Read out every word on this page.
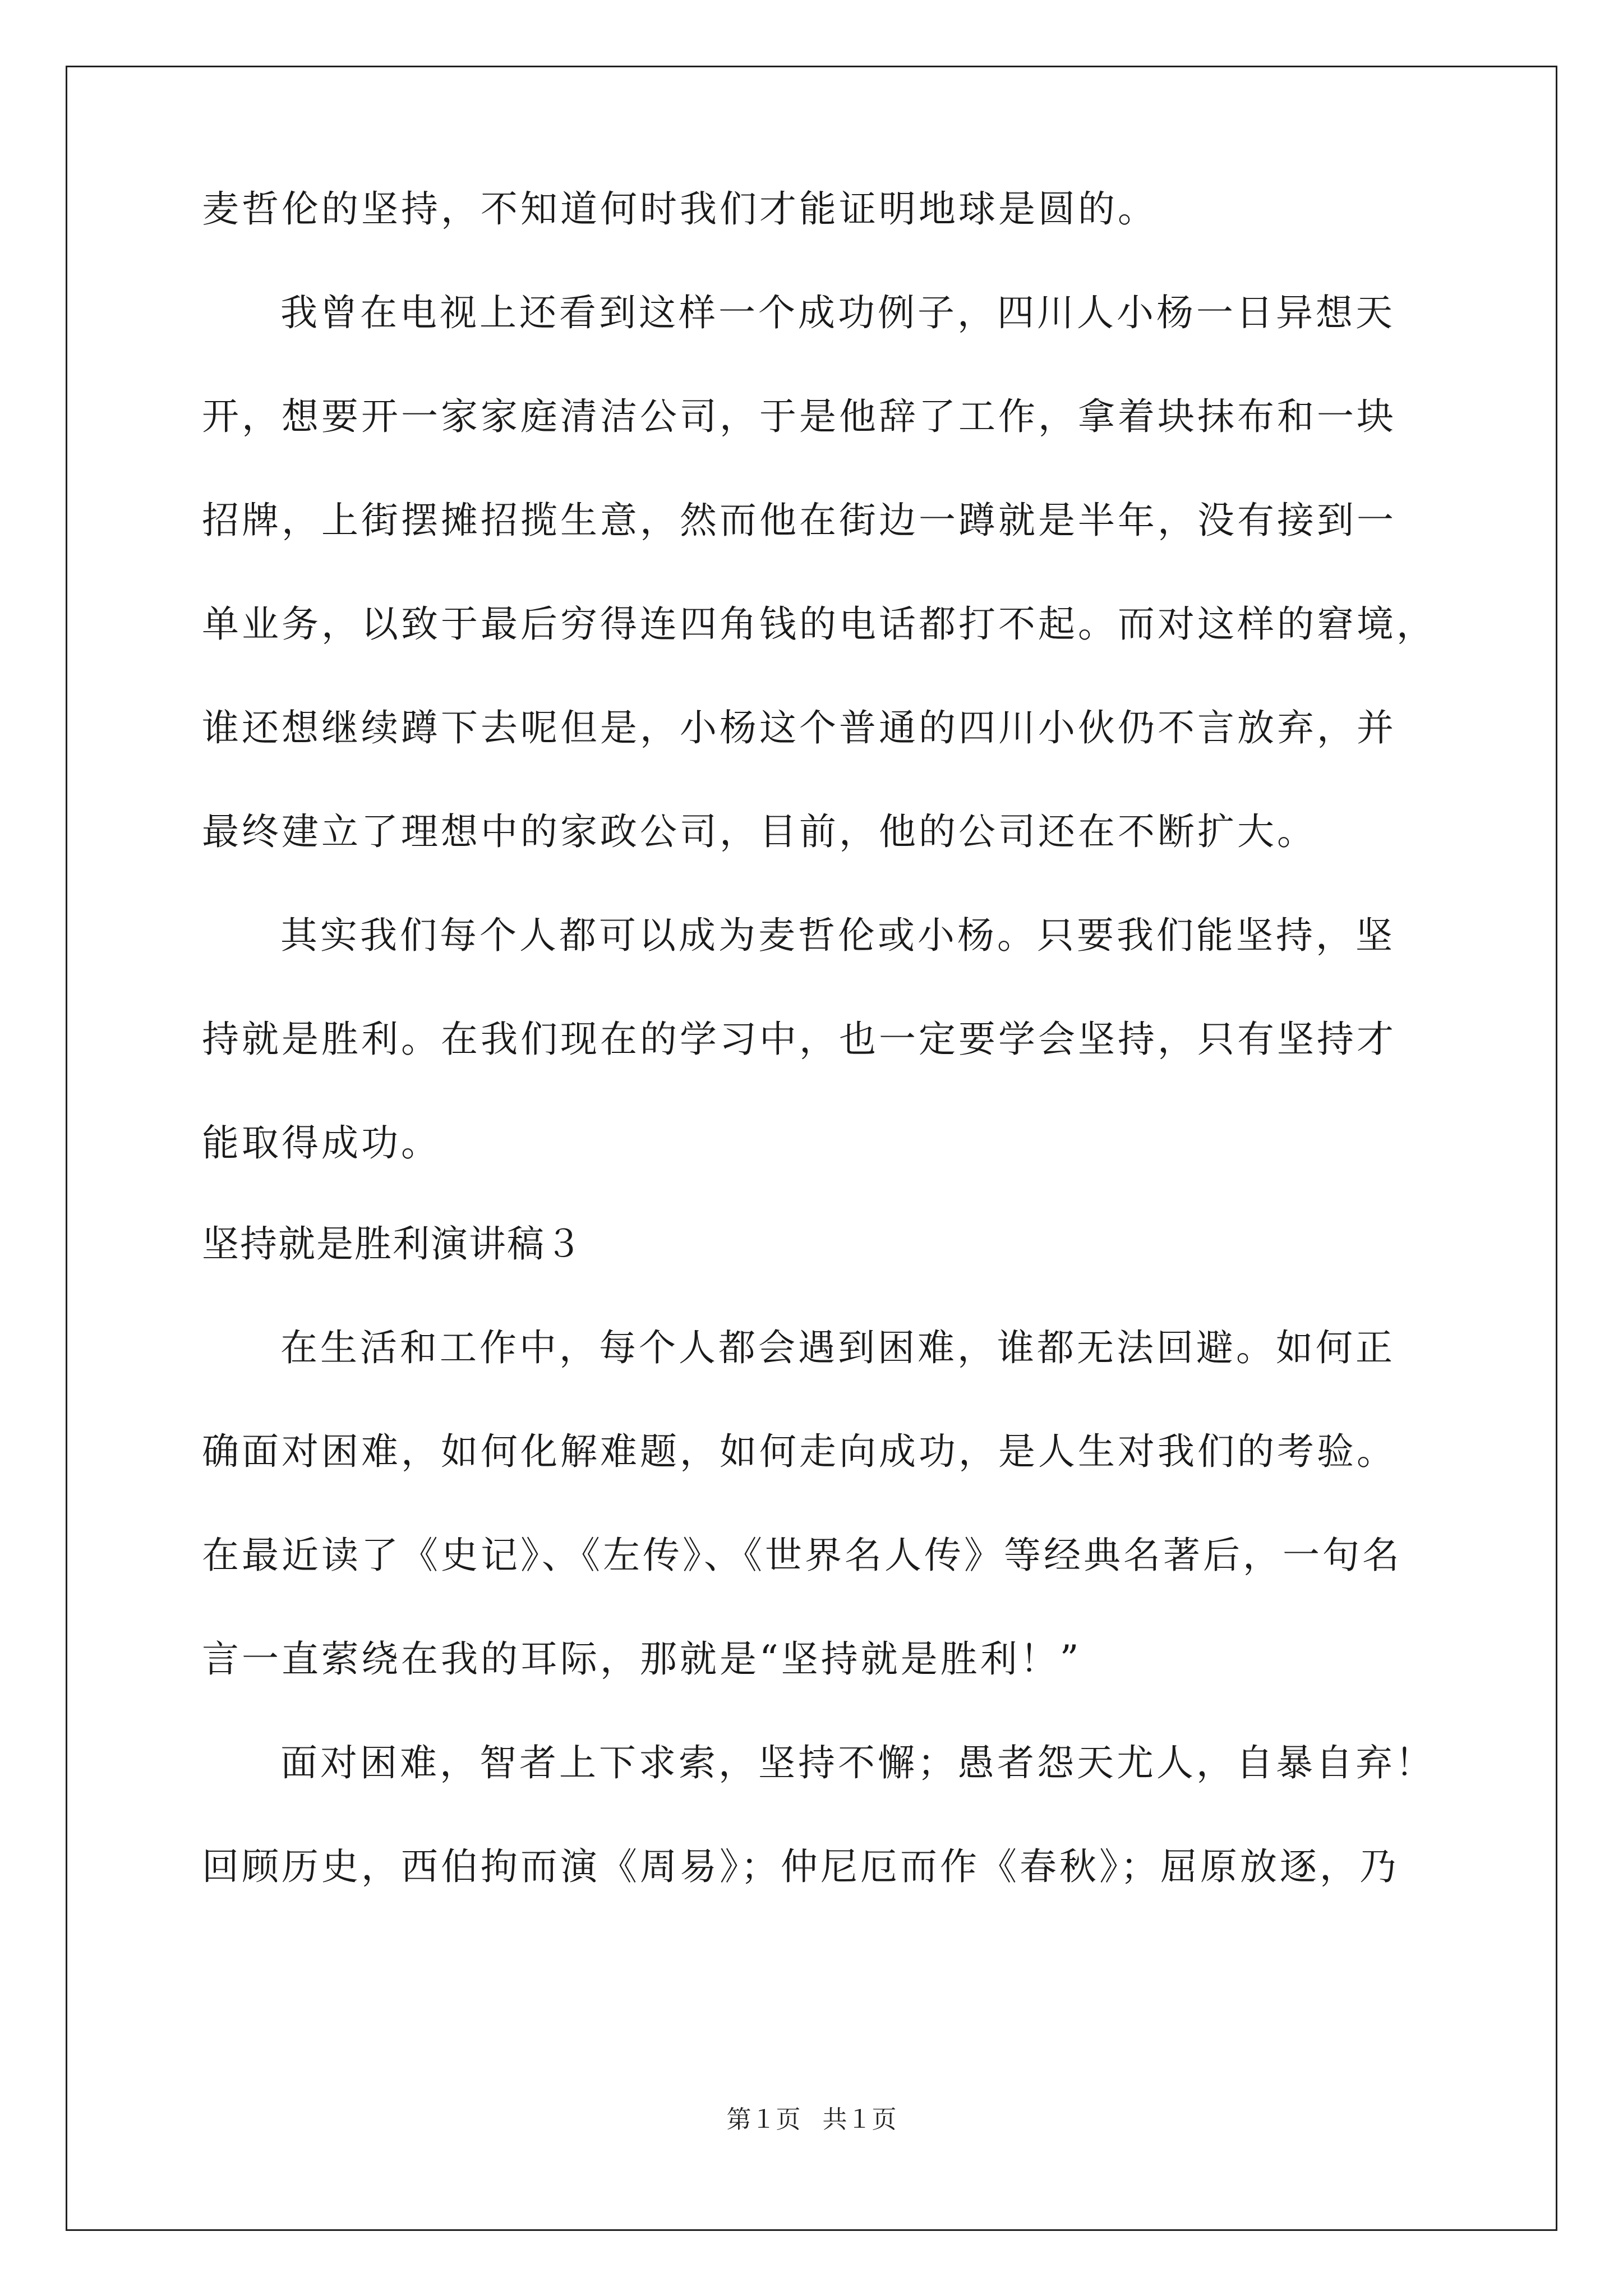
麦哲伦的坚持，不知道何时我们才能证明地球是圆的。
我曾在电视上还看到这样一个成功例子，四川人小杨一日异想天
开，想要开一家家庭清洁公司，于是他辞了工作，拿着块抹布和一块
招牌，上街摆摊招揽生意，然而他在街边一蹲就是半年，没有接到一
单业务，以致于最后穷得连四角钱的电话都打不起。而对这样的窘境，
谁还想继续蹲下去呢但是，小杨这个普通的四川小伙仍不言放弃，并
最终建立了理想中的家政公司，目前，他的公司还在不断扩大。
其实我们每个人都可以成为麦哲伦或小杨。只要我们能坚持，坚
持就是胜利。在我们现在的学习中，也一定要学会坚持，只有坚持才
能取得成功。
坚持就是胜利演讲稿３
在生活和工作中，每个人都会遇到困难，谁都无法回避。如何正
确面对困难，如何化解难题，如何走向成功，是人生对我们的考验。
在最近读了《史记》、《左传》、《世界名人传》等经典名著后，一句名
言一直萦绕在我的耳际，那就是“坚持就是胜利！”
面对困难，智者上下求索，坚持不懈；愚者怨天尤人，自暴自弃！
回顾历史，西伯拘而演《周易》；仲尼厄而作《春秋》；屈原放逐，乃
第１页 共１页
